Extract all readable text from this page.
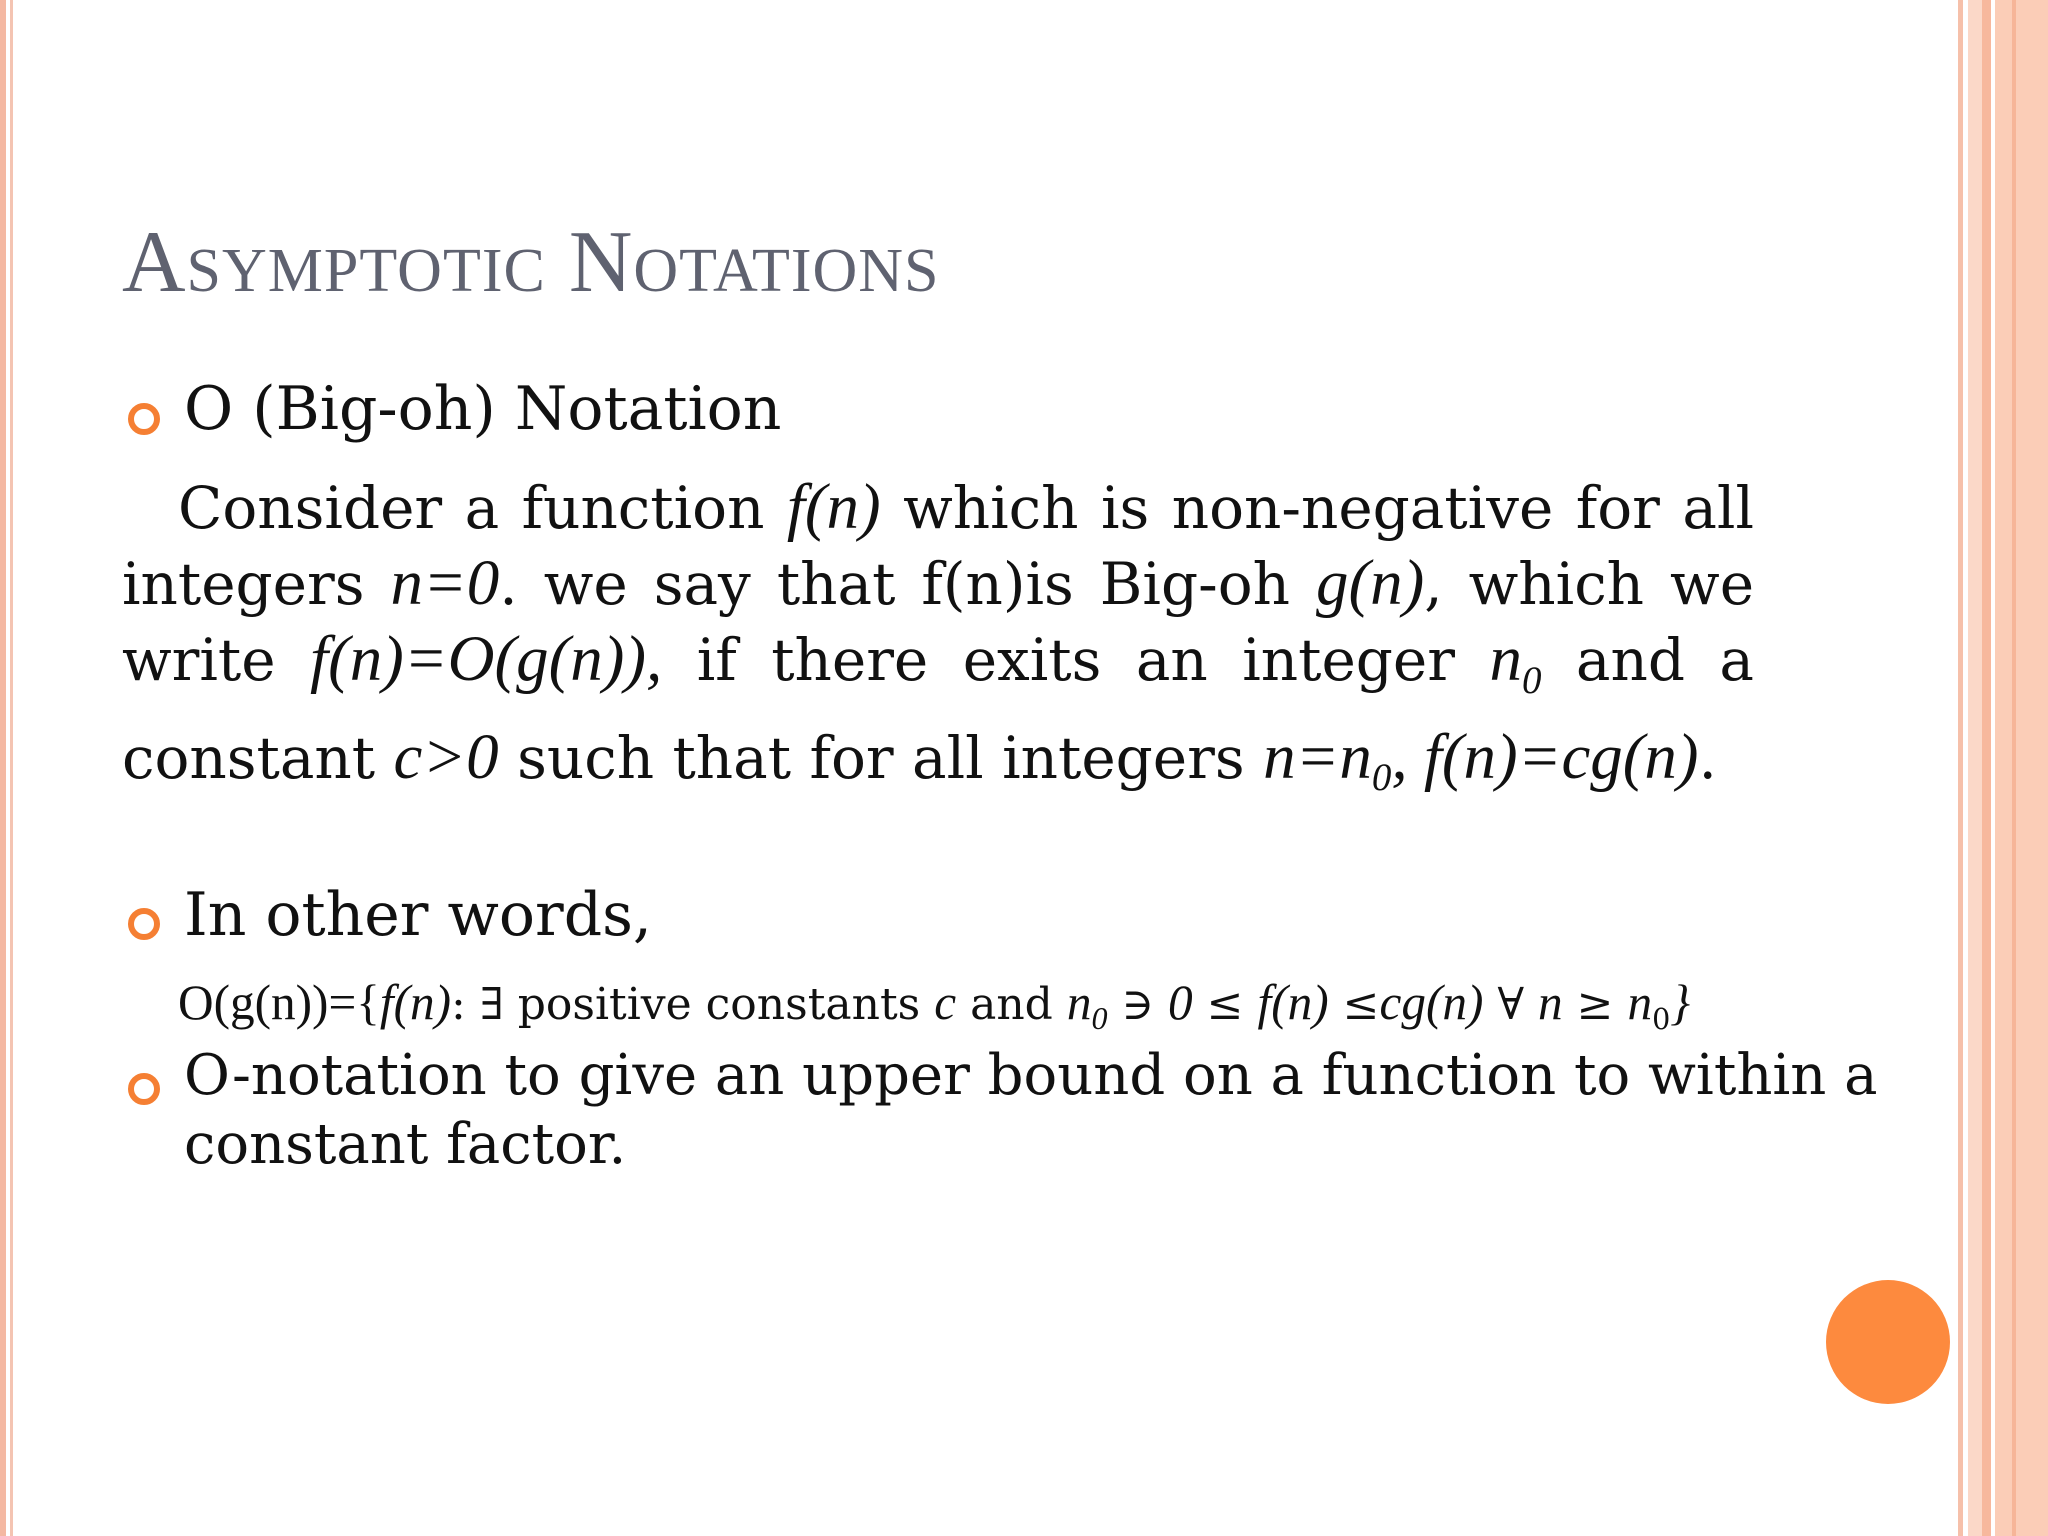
Asymptotic Notations
O (Big-oh) Notation
Consider a function f(n) which is non-negative for all integers n=0. we say that f(n)is Big-oh g(n), which we write f(n)=O(g(n)), if there exits an integer $n_0$ and a constant c>0 such that for all integers $n=n_0$, f(n)=cg(n).
In other words,
O(g(n))={f(n): ∃ positive constants c and $n_0$ ∋ 0 ≤ f(n) ≤cg(n) ∀ $n \ge n_0$}
O-notation to give an upper bound on a function to within a
constant factor.
